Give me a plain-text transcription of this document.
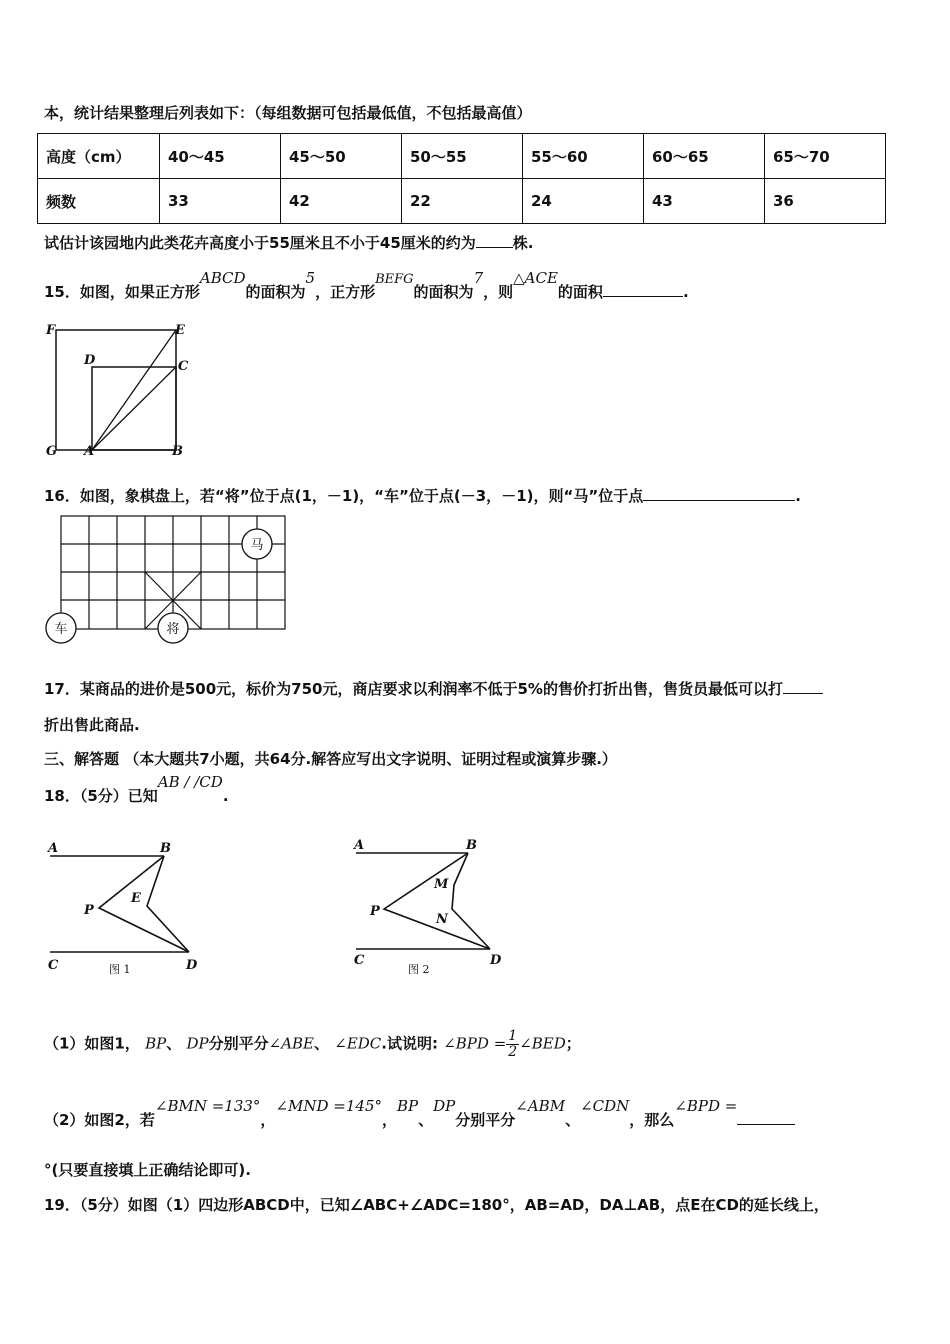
本，统计结果整理后列表如下：（每组数据可包括最低值，不包括最高值）
高度（cm）	40～45	45～50	50～55	55～60	60～65	65～70
频数	33	42	22	24	43	36
试估计该园地内此类花卉高度小于55厘米且不小于45厘米的约为 株.
15．如图，如果正方形ABCD的面积为5，正方形BEFG的面积为7，则△ACE的面积	.
F	E
D	C
G A	B
16．如图，象棋盘上，若“将”位于点(1，－1)，“车”位于点(－3，－1)，则“马”位于点	.
马
车	将
17．某商品的进价是500元，标价为750元，商店要求以利润率不低于5%的售价打折出售，售货员最低可以打
折出售此商品.
三、解答题 （本大题共7小题，共64分.解答应写出文字说明、证明过程或演算步骤.）
18．（5分）已知AB / /CD.
A	B
E
P
C	D
图 1
A	B
M
N
P
C	D
图 2
（1）如图1， BP、 DP分别平分∠ABE、 ∠EDC.试说明: ∠BPD = $\frac{1}{2}$ ∠BED；
（2）如图2，若∠BMN =133°，∠MND =145°，BP、DP分别平分∠ABM、∠CDN，那么∠BPD =
°(只要直接填上正确结论即可).
19．（5分）如图（1）四边形ABCD中，已知∠ABC+∠ADC=180°，AB=AD，DA⊥AB，点E在CD的延长线上，
